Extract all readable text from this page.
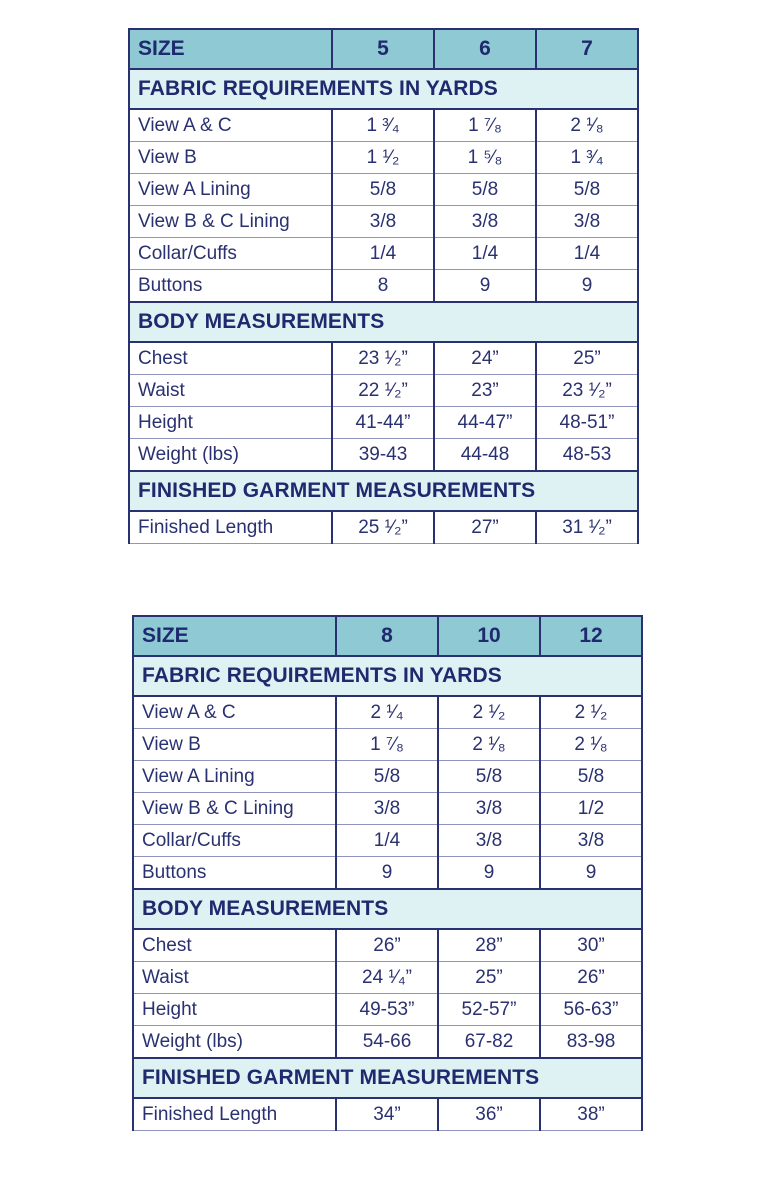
SIZE	5	6	7
FABRIC REQUIREMENTS IN YARDS			
View A & C	1 ³⁄₄	1 ⁷⁄₈	2 ¹⁄₈
View B	1 ¹⁄₂	1 ⁵⁄₈	1 ³⁄₄
View A Lining	5/8	5/8	5/8
View B & C Lining	3/8	3/8	3/8
Collar/Cuffs	1/4	1/4	1/4
Buttons	8	9	9
BODY MEASUREMENTS			
Chest	23 ¹⁄₂”	24”	25”
Waist	22 ¹⁄₂”	23”	23 ¹⁄₂”
Height	41-44”	44-47”	48-51”
Weight (lbs)	39-43	44-48	48-53
FINISHED GARMENT MEASUREMENTS			
Finished Length	25 ¹⁄₂”	27”	31 ¹⁄₂”
SIZE	8	10	12
FABRIC REQUIREMENTS IN YARDS			
View A & C	2 ¹⁄₄	2 ¹⁄₂	2 ¹⁄₂
View B	1 ⁷⁄₈	2 ¹⁄₈	2 ¹⁄₈
View A Lining	5/8	5/8	5/8
View B & C Lining	3/8	3/8	1/2
Collar/Cuffs	1/4	3/8	3/8
Buttons	9	9	9
BODY MEASUREMENTS			
Chest	26”	28”	30”
Waist	24 ¹⁄₄”	25”	26”
Height	49-53”	52-57”	56-63”
Weight (lbs)	54-66	67-82	83-98
FINISHED GARMENT MEASUREMENTS			
Finished Length	34”	36”	38”
